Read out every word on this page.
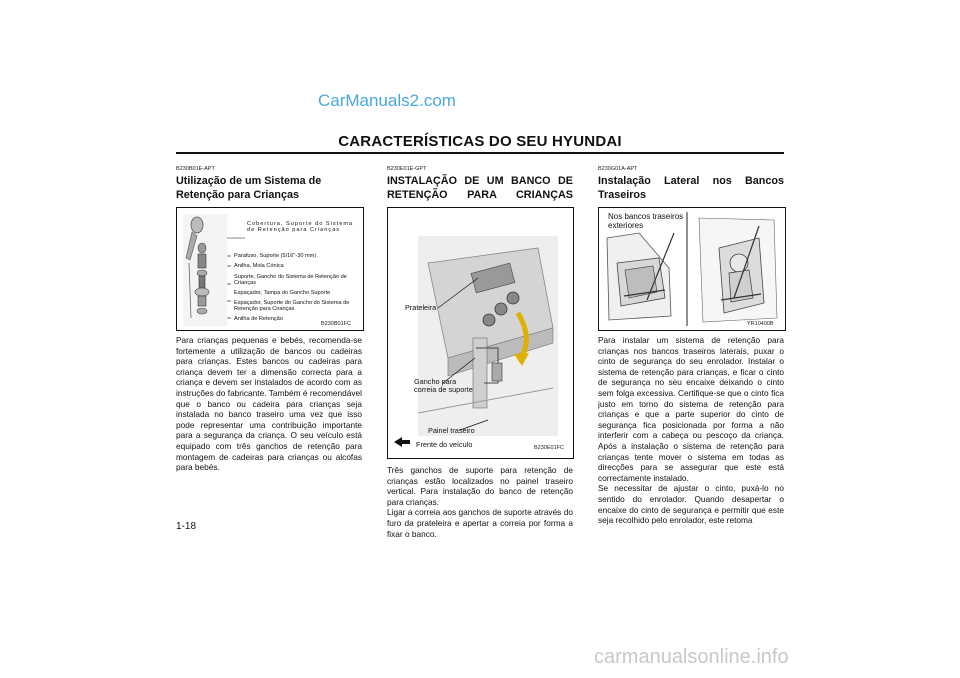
CarManuals2.com
CARACTERÍSTICAS DO SEU HYUNDAI
B230B01E-APT
Utilização de um Sistema de Retenção para Crianças
Cobertura, Suporte do Sistema de Retenção para Crianças
Parafuso, Suporte (5/16"-30 mm)
Anilha, Mola Cónica
Suporte, Gancho do Sistema de Retenção de Crianças
Espaçador, Tampa do Gancho Suporte
Espaçador, Suporte do Gancho do Sistema de Retenção para Crianças
Anilha de Retenção
B230B01FC
Para crianças pequenas e bebés, recomenda-se fortemente a utilização de bancos ou cadeiras para crianças. Estes bancos ou cadeiras para criança devem ter a dimensão correcta para a criança e devem ser instalados de acordo com as instruções do fabricante. Também é recomendável que o banco ou cadeira para crianças seja instalada no banco traseiro uma vez que isso pode representar uma contribuição importante para a segurança da criança. O seu veículo está equipado com três ganchos de retenção para montagem de cadeiras para crianças ou alcofas para bebés.
B230E01E-GPT
INSTALAÇÃO DE UM BANCO DE RETENÇÃO PARA CRIANÇAS
Prateleira
Gancho para correia de suporte
Painel traseiro
Frente do veículo	B230E01FC
Três ganchos de suporte para retenção de crianças estão localizados no painel traseiro vertical. Para instalação do banco de retenção para crianças.
Ligar a correia aos ganchos de suporte através do furo da prateleira e apertar a correia por forma a fixar o banco.
B230G01A-APT
Instalação Lateral nos Bancos Traseiros
Nos bancos traseiros exteriores
YR10400B
Para instalar um sistema de retenção para crianças nos bancos traseiros laterais, puxar o cinto de segurança do seu enrolador. Instalar o sistema de retenção para crianças, e ficar o cinto de segurança no seu encaixe deixando o cinto sem folga excessiva. Certifique-se que o cinto fica justo em torno do sistema de retenção para crianças e que a parte superior do cinto de segurança fica posicionada por forma a não interferir com a cabeça ou pescoço da criança. Após a instalação o sistema de retenção para crianças tente mover o sistema em todas as direcções para se assegurar que este está correctamente instalado.
Se necessitar de ajustar o cinto, puxá-lo no sentido do enrolador. Quando desapertar o encaixe do cinto de segurança e permitir que este seja recolhido pelo enrolador, este retoma
1-18
carmanualsonline.info
